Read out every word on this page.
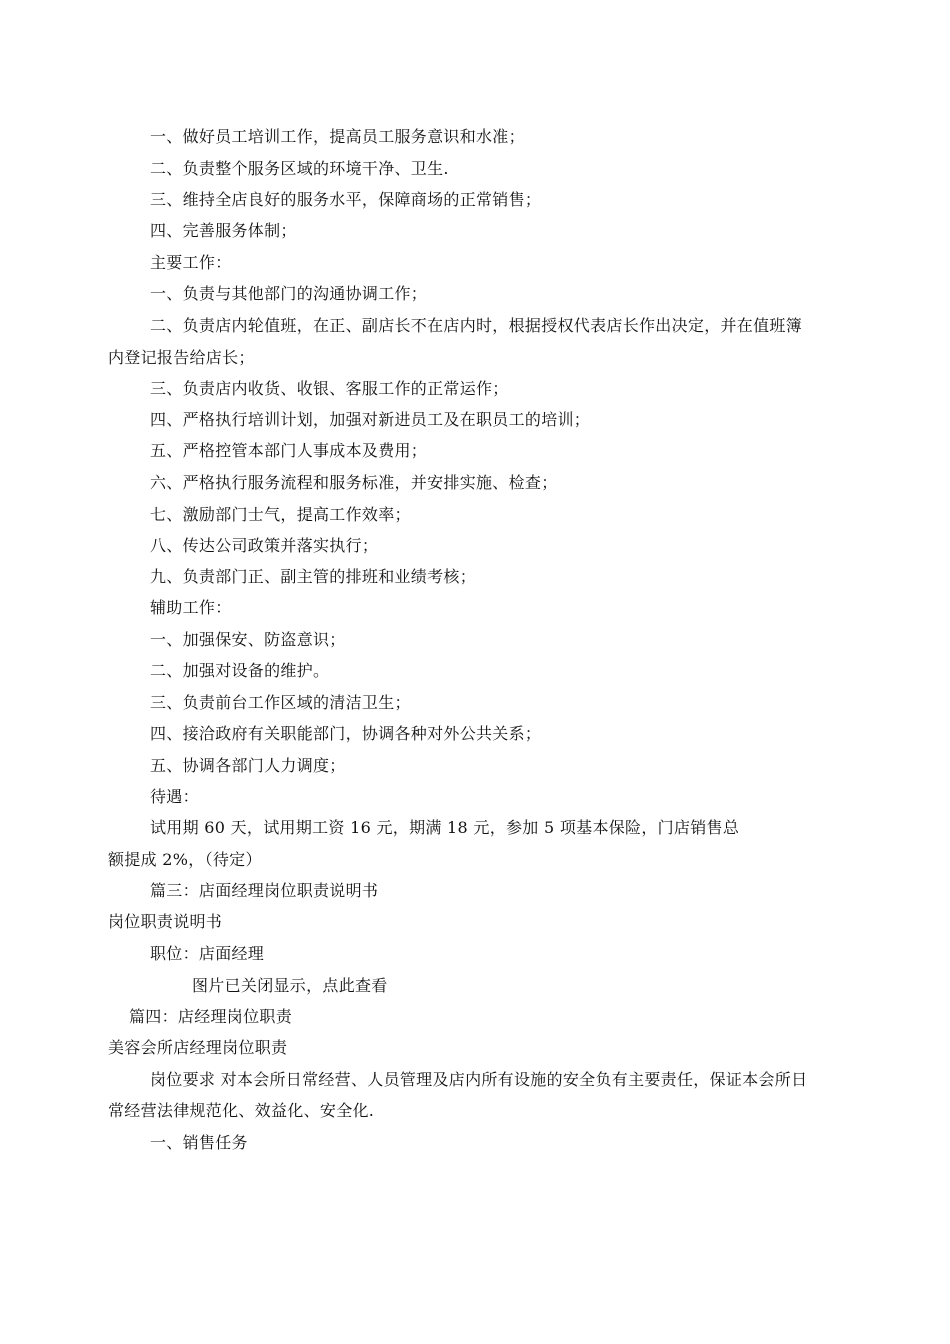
一、做好员工培训工作，提高员工服务意识和水准；
二、负责整个服务区域的环境干净、卫生.
三、维持全店良好的服务水平，保障商场的正常销售；
四、完善服务体制；
主要工作：
一、负责与其他部门的沟通协调工作；
二、负责店内轮值班，在正、副店长不在店内时，根据授权代表店长作出决定，并在值班簿
内登记报告给店长；
三、负责店内收货、收银、客服工作的正常运作；
四、严格执行培训计划，加强对新进员工及在职员工的培训；
五、严格控管本部门人事成本及费用；
六、严格执行服务流程和服务标准，并安排实施、检查；
七、激励部门士气，提高工作效率；
八、传达公司政策并落实执行；
九、负责部门正、副主管的排班和业绩考核；
辅助工作：
一、加强保安、防盗意识；
二、加强对设备的维护。
三、负责前台工作区域的清洁卫生；
四、接洽政府有关职能部门，协调各种对外公共关系；
五、协调各部门人力调度；
待遇：
试用期 60 天，试用期工资 16 元，期满 18 元，参加 5 项基本保险，门店销售总
额提成 2%，（待定）
篇三：店面经理岗位职责说明书
岗位职责说明书
职位：店面经理
图片已关闭显示，点此查看
篇四：店经理岗位职责
美容会所店经理岗位职责
岗位要求 对本会所日常经营、人员管理及店内所有设施的安全负有主要责任，保证本会所日
常经营法律规范化、效益化、安全化.
一、销售任务
